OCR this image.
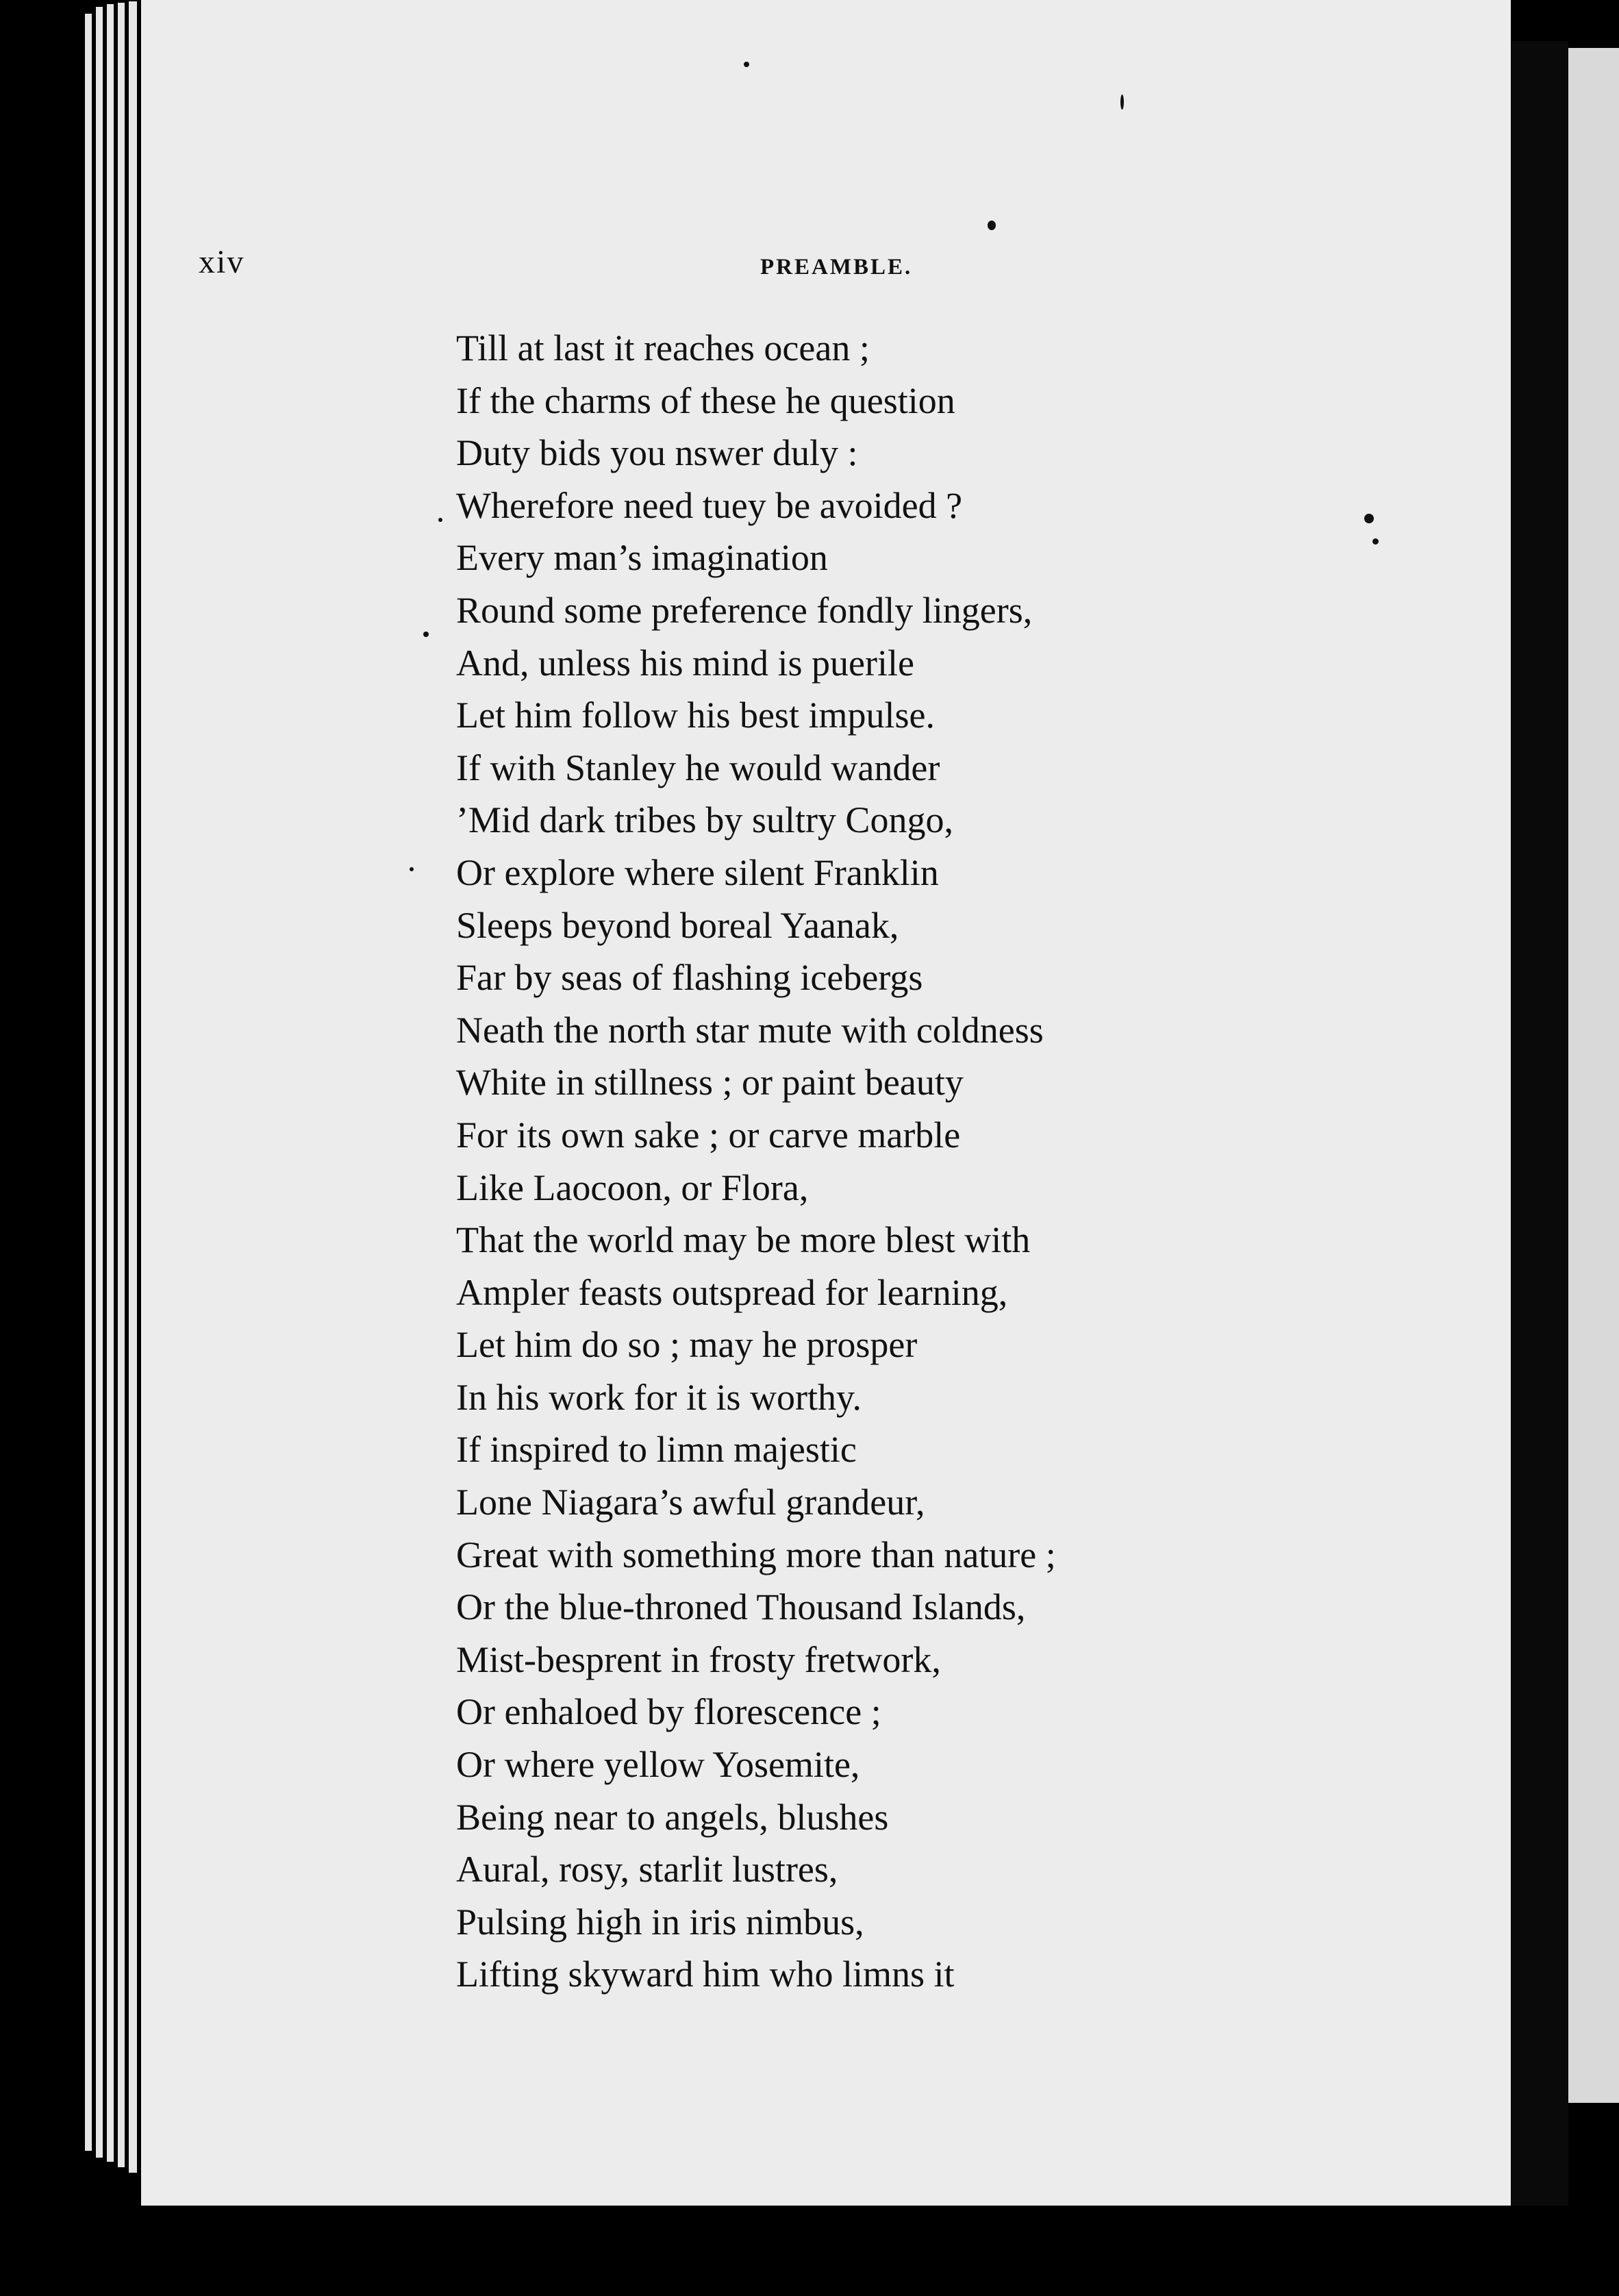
xiv	PREAMBLE.
Till at last it reaches ocean ;
If the charms of these he question
Duty bids you nswer duly :
Wherefore need tuey be avoided ?
Every man’s imagination
Round some preference fondly lingers,
And, unless his mind is puerile
Let him follow his best impulse.
If with Stanley he would wander
’Mid dark tribes by sultry Congo,
Or explore where silent Franklin
Sleeps beyond boreal Yaanak,
Far by seas of flashing icebergs
Neath the north star mute with coldness
White in stillness ; or paint beauty
For its own sake ; or carve marble
Like Laocoon, or Flora,
That the world may be more blest with
Ampler feasts outspread for learning,
Let him do so ; may he prosper
In his work for it is worthy.
If inspired to limn majestic
Lone Niagara’s awful grandeur,
Great with something more than nature ;
Or the blue-throned Thousand Islands,
Mist-besprent in frosty fretwork,
Or enhaloed by florescence ;
Or where yellow Yosemite,
Being near to angels, blushes
Aural, rosy, starlit lustres,
Pulsing high in iris nimbus,
Lifting skyward him who limns it
